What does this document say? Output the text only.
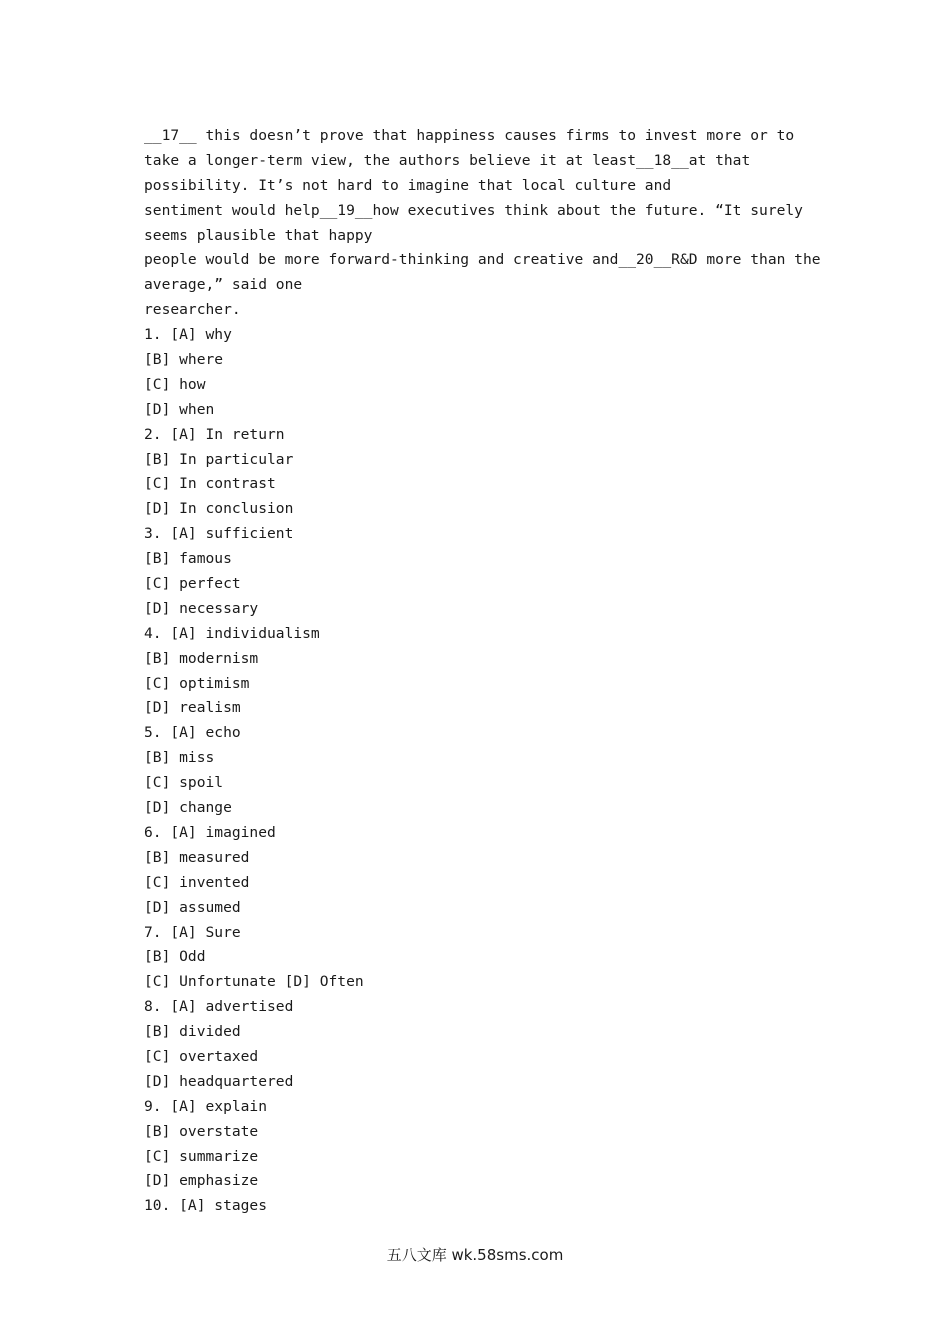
__17__ this doesn’t prove that happiness causes firms to invest more or to
take a longer-term view, the authors believe it at least__18__at that
possibility. It’s not hard to imagine that local culture and
sentiment would help__19__how executives think about the future. “It surely
seems plausible that happy
people would be more forward-thinking and creative and__20__R&D more than the
average,” said one
researcher.
1. [A] why
[B] where
[C] how
[D] when
2. [A] In return
[B] In particular
[C] In contrast
[D] In conclusion
3. [A] sufficient
[B] famous
[C] perfect
[D] necessary
4. [A] individualism
[B] modernism
[C] optimism
[D] realism
5. [A] echo
[B] miss
[C] spoil
[D] change
6. [A] imagined
[B] measured
[C] invented
[D] assumed
7. [A] Sure
[B] Odd
[C] Unfortunate [D] Often
8. [A] advertised
[B] divided
[C] overtaxed
[D] headquartered
9. [A] explain
[B] overstate
[C] summarize
[D] emphasize
10. [A] stages
五八文库 wk.58sms.com
